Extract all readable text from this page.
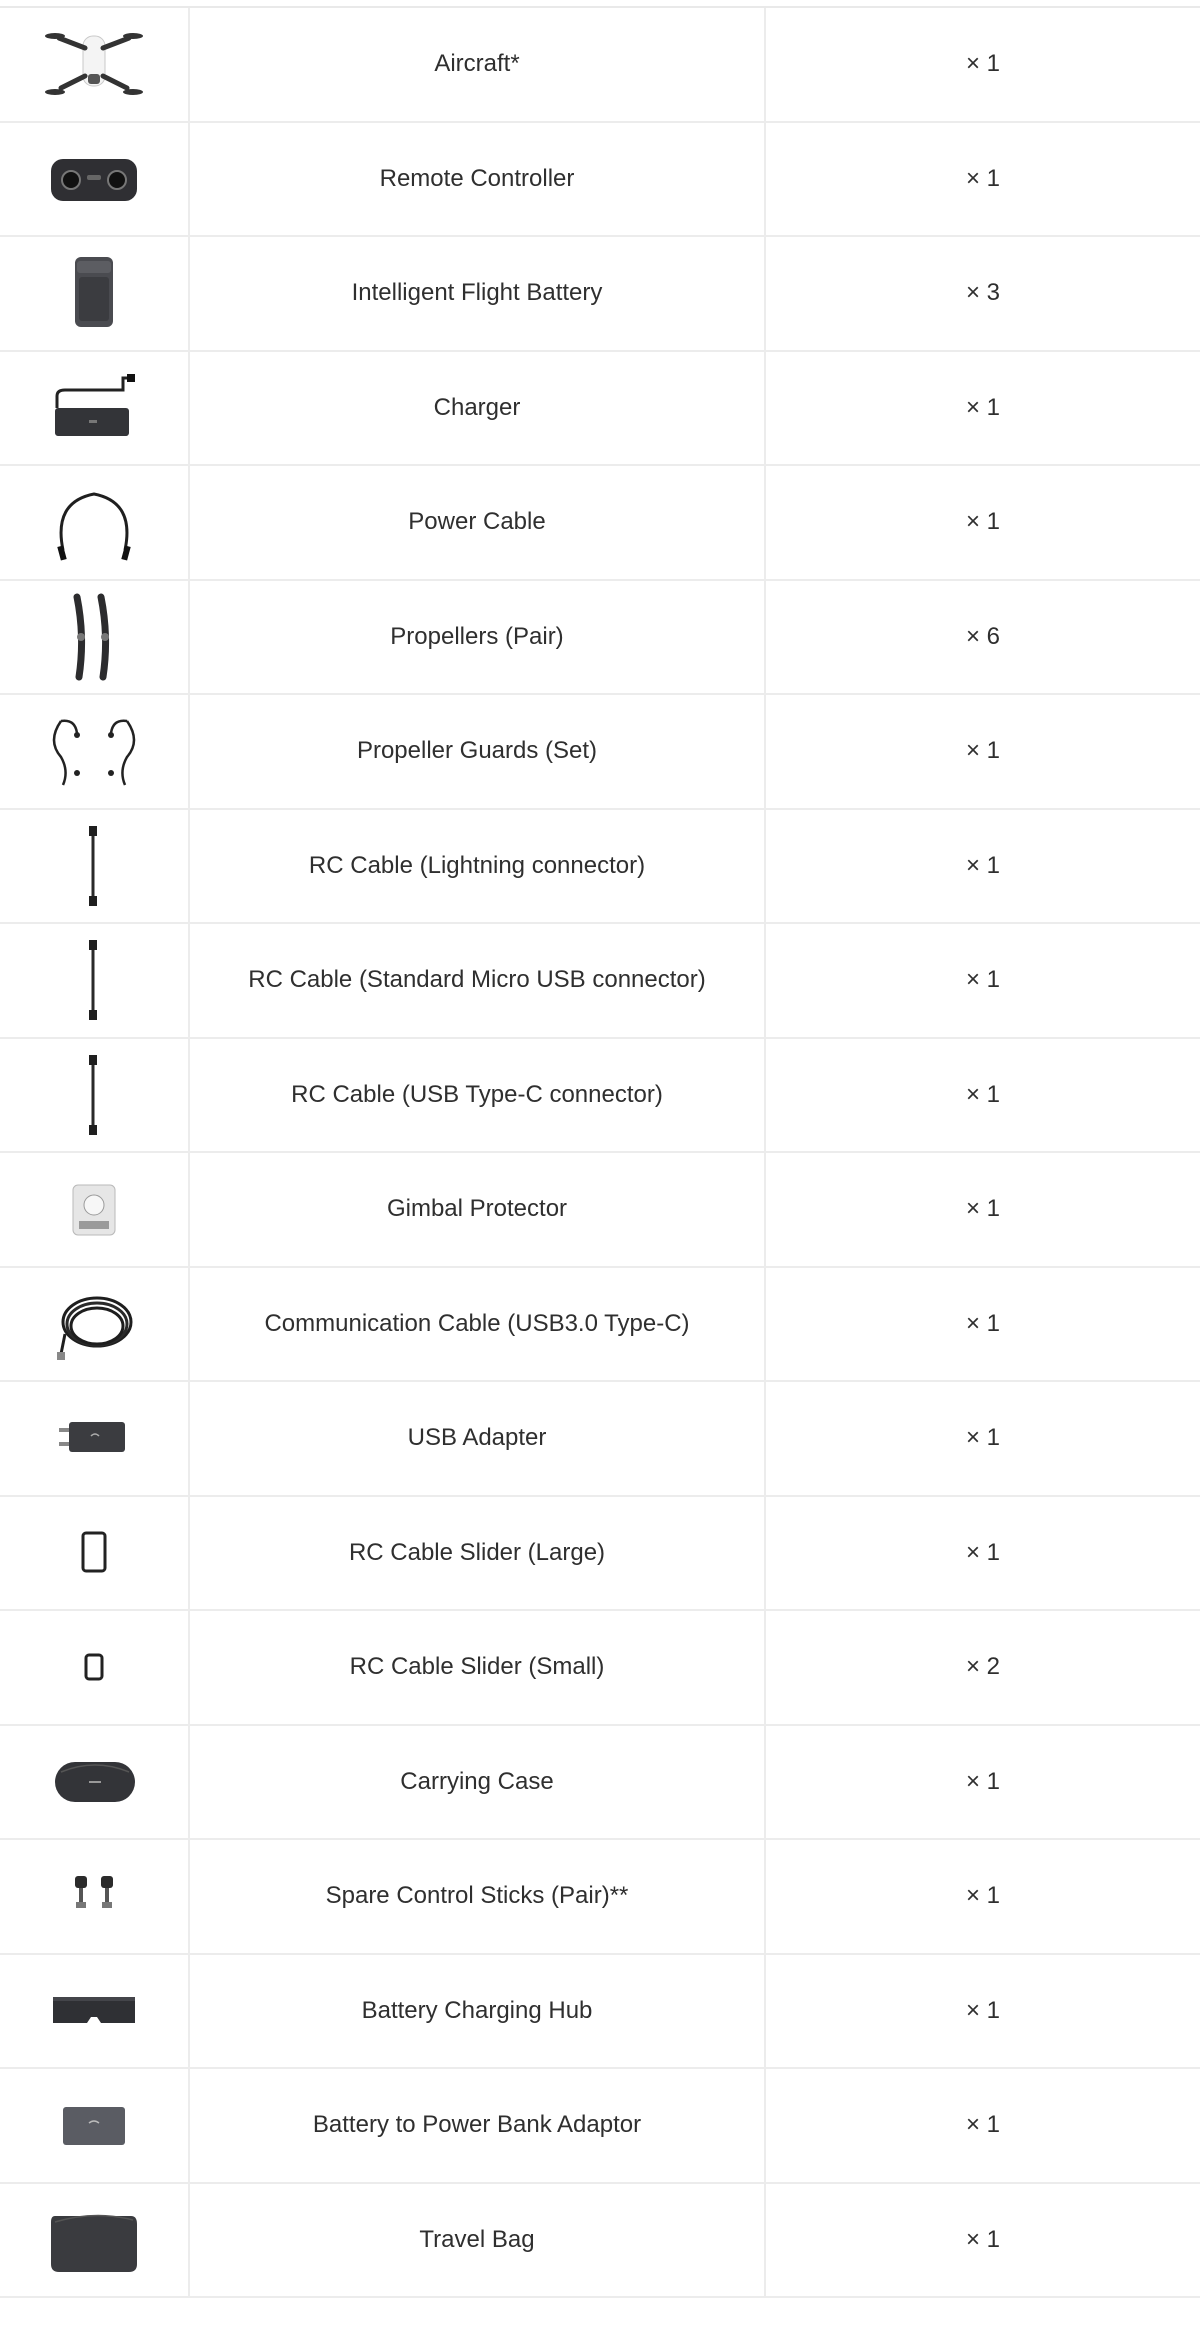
Aircraft*	× 1
Remote Controller	× 1
Intelligent Flight Battery	× 3
Charger	× 1
Power Cable	× 1
Propellers (Pair)	× 6
Propeller Guards (Set)	× 1
RC Cable (Lightning connector)	× 1
RC Cable (Standard Micro USB connector)	× 1
RC Cable (USB Type-C connector)	× 1
Gimbal Protector	× 1
Communication Cable (USB3.0 Type-C)	× 1
USB Adapter	× 1
RC Cable Slider (Large)	× 1
RC Cable Slider (Small)	× 2
Carrying Case	× 1
Spare Control Sticks (Pair)**	× 1
Battery Charging Hub	× 1
Battery to Power Bank Adaptor	× 1
Travel Bag	× 1
